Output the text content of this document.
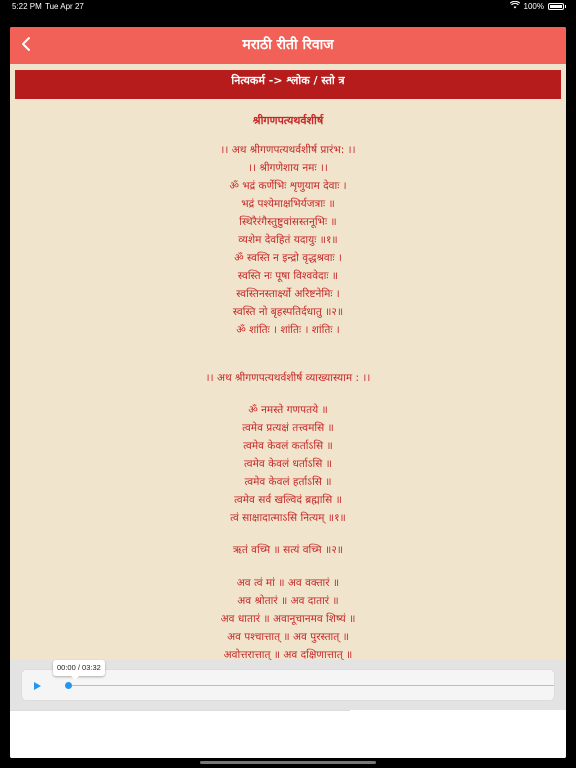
5:22 PM Tue Apr 27	100%
मराठी रीती रिवाज
नित्यकर्म -> श्लोक / स्तो त्र
श्रीगणपत्यथर्वशीर्ष
।। अथ श्रीगणपत्यथर्वशीर्ष प्रारंभ: ।।
।। श्रीगणेशाय नमः ।।
ॐ भद्रं कर्णेभिः शृणुयाम देवाः ।
भद्रं पश्येमाक्षभिर्यजत्राः ॥
स्थिरैरंगैस्तुष्टुवांसस्तनूभिः ॥
व्यशेम देवहितं यदायुः ॥१॥
ॐ स्वस्ति न इन्द्रो वृद्धश्रवाः ।
स्वस्ति नः पूषा विश्ववेदाः ॥
स्वस्तिनस्तार्क्ष्यो अरिष्टनेमिः ।
स्वस्ति नो बृहस्पतिर्दधातु ॥२॥
ॐ शांतिः । शांतिः । शांतिः ।
।। अथ श्रीगणपत्यथर्वशीर्ष व्याख्यास्याम : ।।
ॐ नमस्ते गणपतये ॥
त्वमेव प्रत्यक्षं तत्त्वमसि ॥
त्वमेव केवलं कर्ताऽसि ॥
त्वमेव केवलं धर्ताऽसि ॥
त्वमेव केवलं हर्ताऽसि ॥
त्वमेव सर्व खल्विदं ब्रह्मासि ॥
त्वं साक्षादात्माऽसि नित्यम्‌ ॥१॥
ऋतं वच्मि ॥ सत्यं वच्मि ॥२॥
अव त्वं मां ॥ अव वक्तारं ॥
अव श्रोतारं ॥ अव दातारं ॥
अव धातारं ॥ अवानूचानमव शिष्यं ॥
अव पश्चात्तात्‌ ॥ अव पुरस्तात्‌ ॥
अवोत्तरात्तात्‌ ॥ अव दक्षिणात्तात्‌ ॥
00:00 / 03:32
